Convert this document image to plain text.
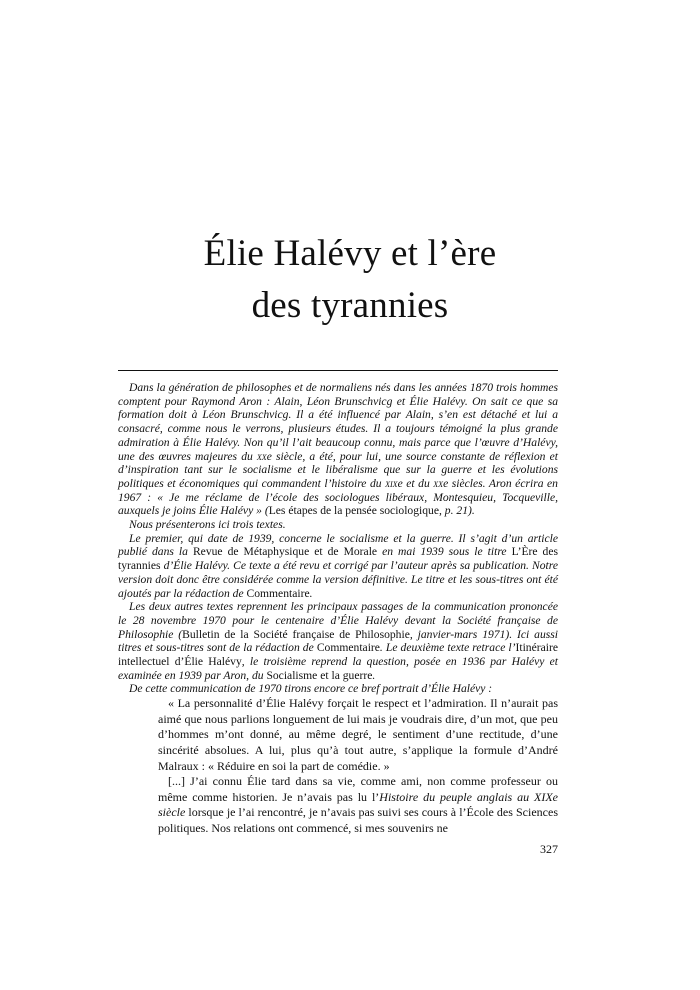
Élie Halévy et l’ère
des tyrannies

Dans la génération de philosophes et de normaliens nés dans les années 1870 trois hommes comptent pour Raymond Aron : Alain, Léon Brunschvicg et Élie Halévy. On sait ce que sa formation doit à Léon Brunschvicg. Il a été influencé par Alain, s’en est détaché et lui a consacré, comme nous le verrons, plusieurs études. Il a toujours témoigné la plus grande admiration à Élie Halévy. Non qu’il l’ait beaucoup connu, mais parce que l’œuvre d’Halévy, une des œuvres majeures du xxe siècle, a été, pour lui, une source constante de réflexion et d’inspiration tant sur le socialisme et le libéralisme que sur la guerre et les évolutions politiques et économiques qui commandent l’histoire du xixe et du xxe siècles. Aron écrira en 1967 : « Je me réclame de l’école des sociologues libéraux, Montesquieu, Tocqueville, auxquels je joins Élie Halévy » (Les étapes de la pensée sociologique, p. 21).

Nous présenterons ici trois textes.

Le premier, qui date de 1939, concerne le socialisme et la guerre. Il s’agit d’un article publié dans la Revue de Métaphysique et de Morale en mai 1939 sous le titre L’Ère des tyrannies d’Élie Halévy. Ce texte a été revu et corrigé par l’auteur après sa publication. Notre version doit donc être considérée comme la version définitive. Le titre et les sous-titres ont été ajoutés par la rédaction de Commentaire.

Les deux autres textes reprennent les principaux passages de la communication prononcée le 28 novembre 1970 pour le centenaire d’Élie Halévy devant la Société française de Philosophie (Bulletin de la Société française de Philosophie, janvier-mars 1971). Ici aussi titres et sous-titres sont de la rédaction de Commentaire. Le deuxième texte retrace l’Itinéraire intellectuel d’Élie Halévy, le troisième reprend la question, posée en 1936 par Halévy et examinée en 1939 par Aron, du Socialisme et la guerre.

De cette communication de 1970 tirons encore ce bref portrait d’Élie Halévy :

« La personnalité d’Élie Halévy forçait le respect et l’admiration. Il n’aurait pas aimé que nous parlions longuement de lui mais je voudrais dire, d’un mot, que peu d’hommes m’ont donné, au même degré, le sentiment d’une rectitude, d’une sincérité absolues. A lui, plus qu’à tout autre, s’applique la formule d’André Malraux : « Réduire en soi la part de comédie. »

[...] J’ai connu Élie tard dans sa vie, comme ami, non comme professeur ou même comme historien. Je n’avais pas lu l’Histoire du peuple anglais au XIXe siècle lorsque je l’ai rencontré, je n’avais pas suivi ses cours à l’École des Sciences politiques. Nos relations ont commencé, si mes souvenirs ne

327
